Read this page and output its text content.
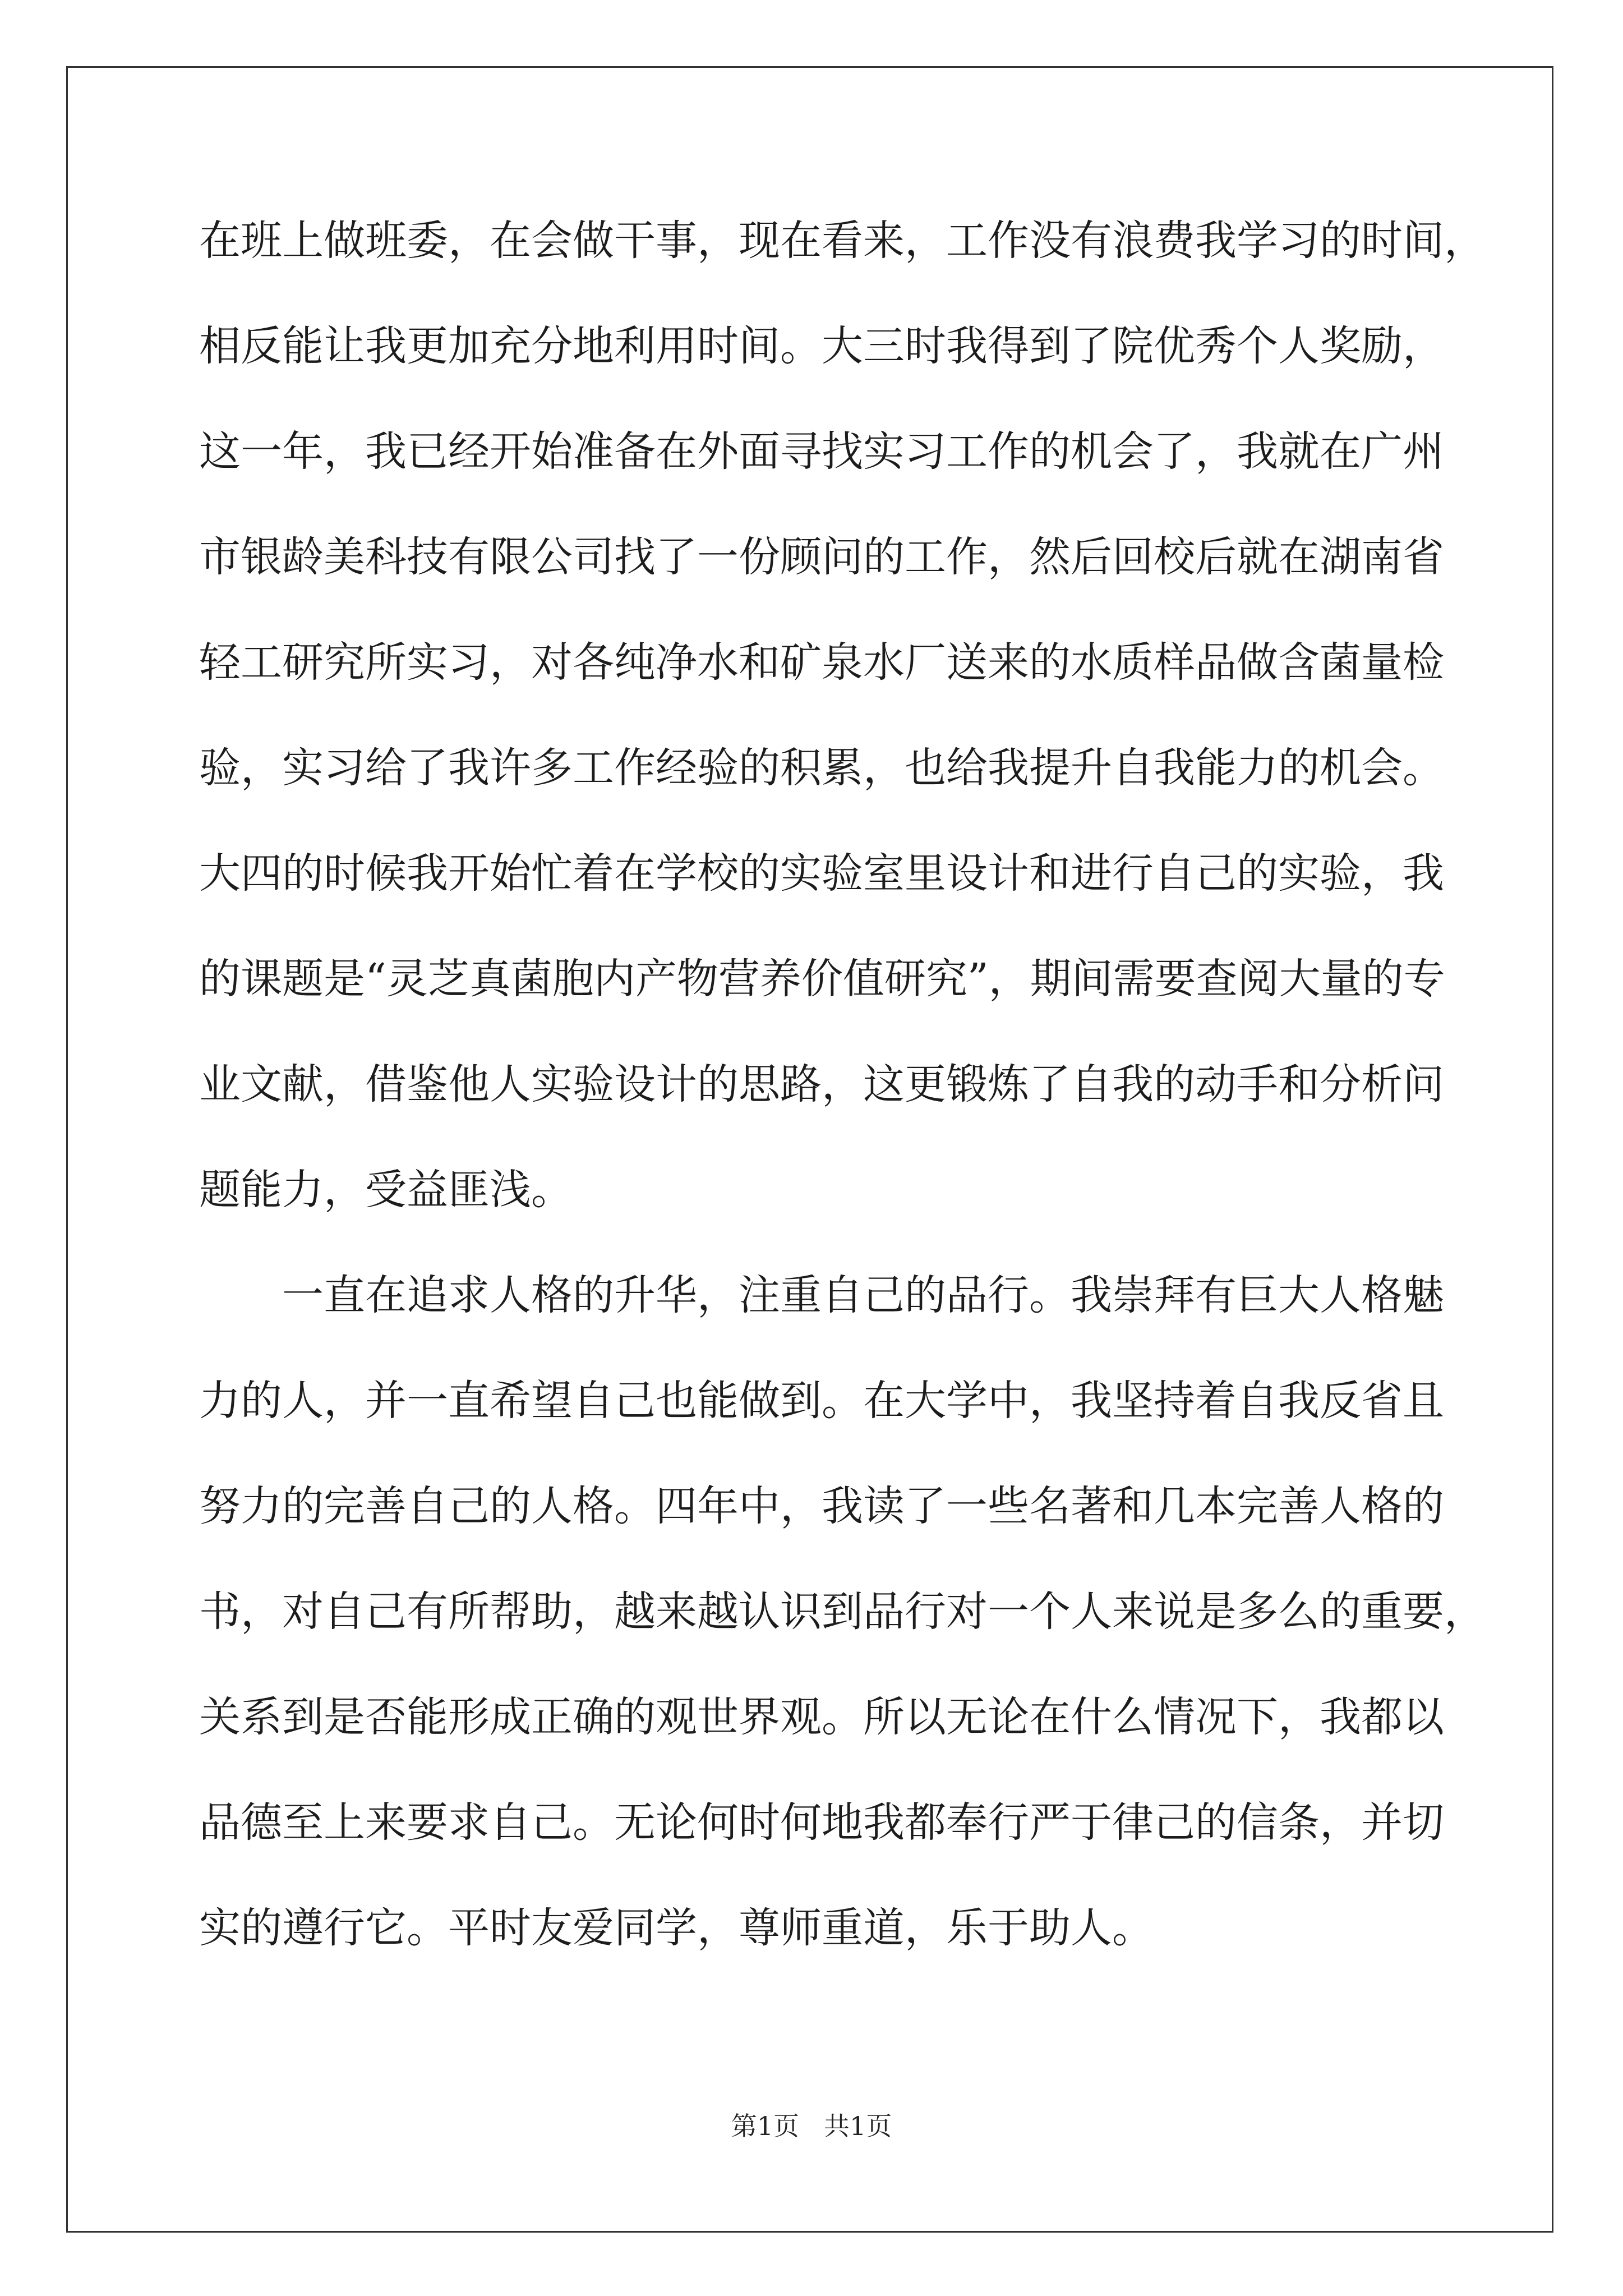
在班上做班委，在会做干事，现在看来，工作没有浪费我学习的时间，
相反能让我更加充分地利用时间。大三时我得到了院优秀个人奖励，
这一年，我已经开始准备在外面寻找实习工作的机会了，我就在广州
市银龄美科技有限公司找了一份顾问的工作，然后回校后就在湖南省
轻工研究所实习，对各纯净水和矿泉水厂送来的水质样品做含菌量检
验，实习给了我许多工作经验的积累，也给我提升自我能力的机会。
大四的时候我开始忙着在学校的实验室里设计和进行自己的实验，我
的课题是“灵芝真菌胞内产物营养价值研究”，期间需要查阅大量的专
业文献，借鉴他人实验设计的思路，这更锻炼了自我的动手和分析问
题能力，受益匪浅。
一直在追求人格的升华，注重自己的品行。我崇拜有巨大人格魅
力的人，并一直希望自己也能做到。在大学中，我坚持着自我反省且
努力的完善自己的人格。四年中，我读了一些名著和几本完善人格的
书，对自己有所帮助，越来越认识到品行对一个人来说是多么的重要，
关系到是否能形成正确的观世界观。所以无论在什么情况下，我都以
品德至上来要求自己。无论何时何地我都奉行严于律己的信条，并切
实的遵行它。平时友爱同学，尊师重道，乐于助人。
第1页 共1页
